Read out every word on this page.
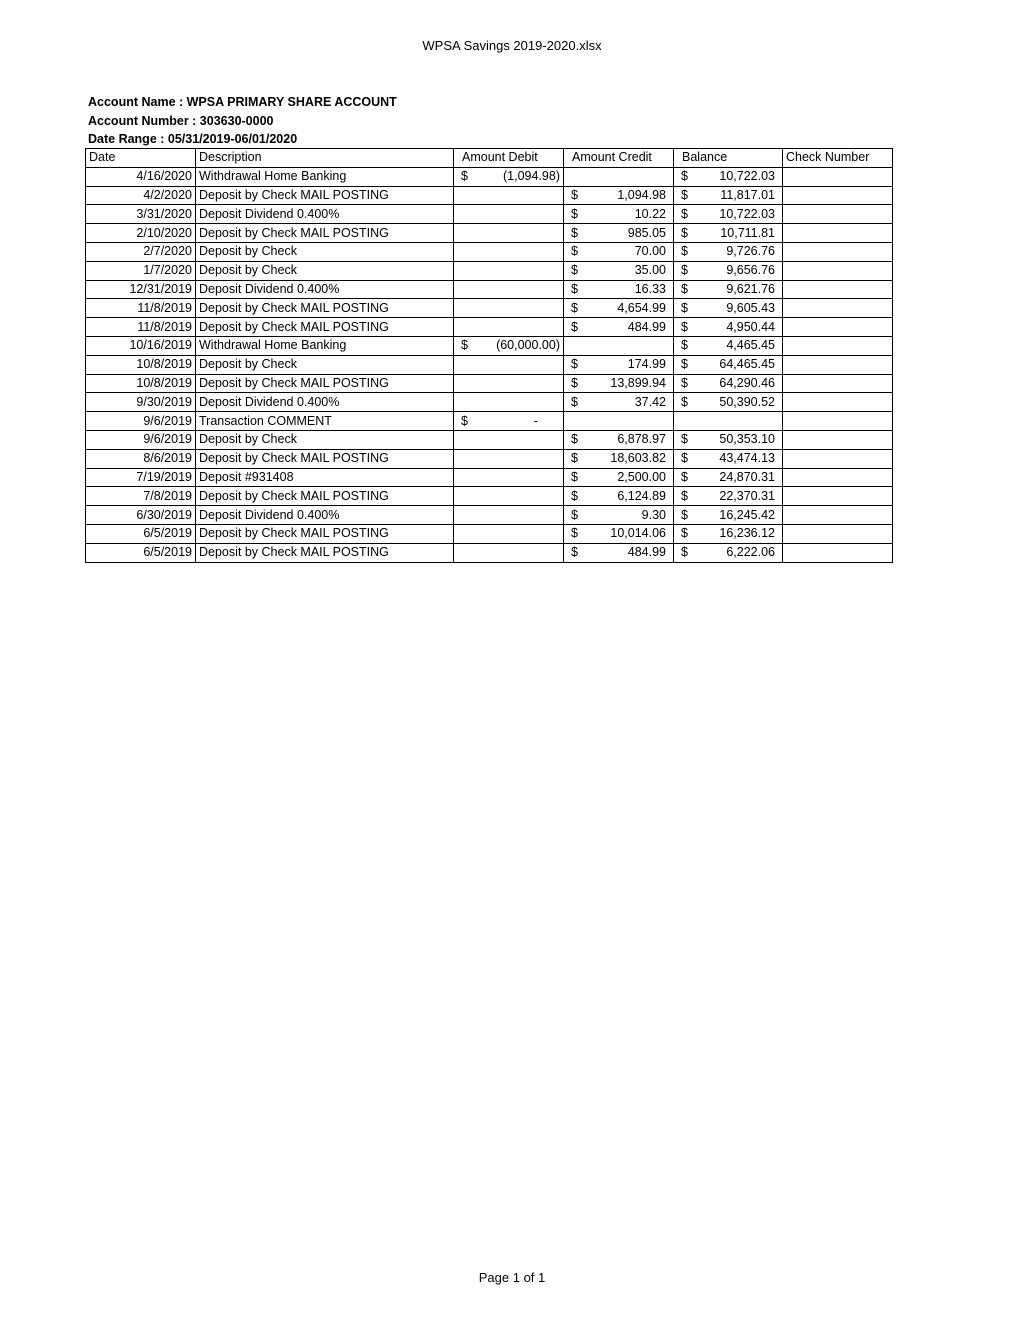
WPSA Savings 2019-2020.xlsx
Account Name : WPSA PRIMARY SHARE ACCOUNT
Account Number : 303630-0000
Date Range : 05/31/2019-06/01/2020
Date	Description	Amount Debit	Amount Credit	Balance	Check Number
4/16/2020	Withdrawal Home Banking	$ (1,094.98)		$ 10,722.03	

4/2/2020	Deposit by Check MAIL POSTING		$ 1,094.98	$ 11,817.01	

3/31/2020	Deposit Dividend 0.400%		$ 10.22	$ 10,722.03	

2/10/2020	Deposit by Check MAIL POSTING		$ 985.05	$ 10,711.81	

2/7/2020	Deposit by Check		$ 70.00	$ 9,726.76	

1/7/2020	Deposit by Check		$ 35.00	$ 9,656.76	

12/31/2019	Deposit Dividend 0.400%		$ 16.33	$ 9,621.76	

11/8/2019	Deposit by Check MAIL POSTING		$ 4,654.99	$ 9,605.43	

11/8/2019	Deposit by Check MAIL POSTING		$ 484.99	$ 4,950.44	

10/16/2019	Withdrawal Home Banking	$ (60,000.00)		$ 4,465.45	

10/8/2019	Deposit by Check		$ 174.99	$ 64,465.45	

10/8/2019	Deposit by Check MAIL POSTING		$ 13,899.94	$ 64,290.46	

9/30/2019	Deposit Dividend 0.400%		$ 37.42	$ 50,390.52	

9/6/2019	Transaction COMMENT	$ -			

9/6/2019	Deposit by Check		$ 6,878.97	$ 50,353.10	

8/6/2019	Deposit by Check MAIL POSTING		$ 18,603.82	$ 43,474.13	

7/19/2019	Deposit #931408		$ 2,500.00	$ 24,870.31	

7/8/2019	Deposit by Check MAIL POSTING		$ 6,124.89	$ 22,370.31	

6/30/2019	Deposit Dividend 0.400%		$ 9.30	$ 16,245.42	

6/5/2019	Deposit by Check MAIL POSTING		$ 10,014.06	$ 16,236.12	

6/5/2019	Deposit by Check MAIL POSTING		$ 484.99	$ 6,222.06	

Page 1 of 1
